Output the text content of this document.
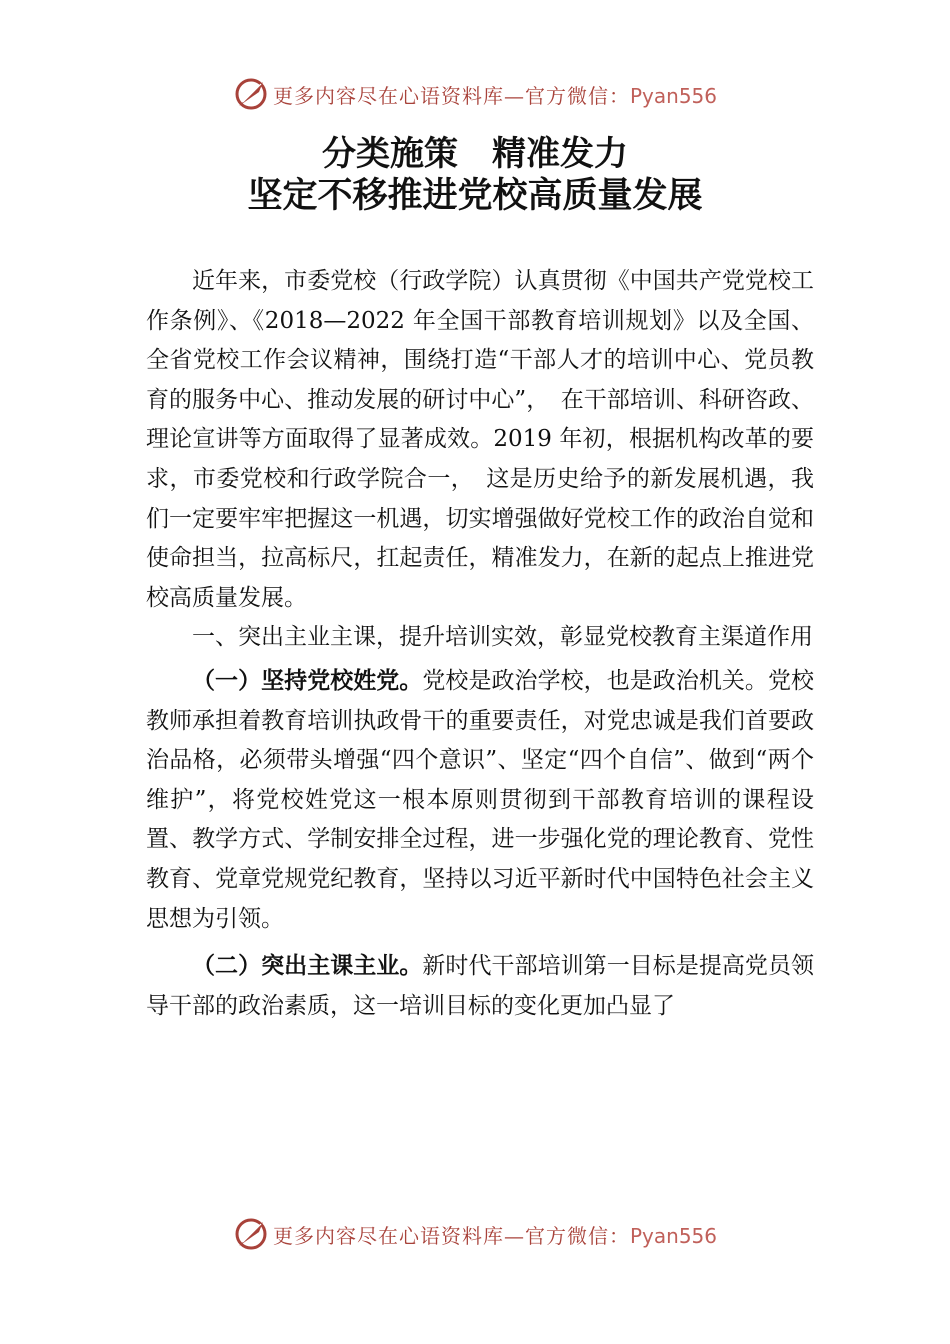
更多内容尽在心语资料库—官方微信：Pyan556
分类施策　精准发力
坚定不移推进党校高质量发展

近年来，市委党校（行政学院）认真贯彻《中国共产党党校工作条例》、《2018—2022 年全国干部教育培训规划》以及全国、全省党校工作会议精神，围绕打造“干部人才的培训中心、党员教育的服务中心、推动发展的研讨中心”，　在干部培训、科研咨政、理论宣讲等方面取得了显著成效。2019 年初，根据机构改革的要求，市委党校和行政学院合一，　这是历史给予的新发展机遇，我们一定要牢牢把握这一机遇，切实增强做好党校工作的政治自觉和使命担当，拉高标尺，扛起责任，精准发力，在新的起点上推进党校高质量发展。

一、突出主业主课，提升培训实效，彰显党校教育主渠道作用

（一）坚持党校姓党。党校是政治学校，也是政治机关。党校教师承担着教育培训执政骨干的重要责任，对党忠诚是我们首要政治品格，必须带头增强“四个意识”、坚定“四个自信”、做到“两个维护”，将党校姓党这一根本原则贯彻到干部教育培训的课程设置、教学方式、学制安排全过程，进一步强化党的理论教育、党性教育、党章党规党纪教育，坚持以习近平新时代中国特色社会主义思想为引领。

（二）突出主课主业。新时代干部培训第一目标是提高党员领导干部的政治素质，这一培训目标的变化更加凸显了

更多内容尽在心语资料库—官方微信：Pyan556
